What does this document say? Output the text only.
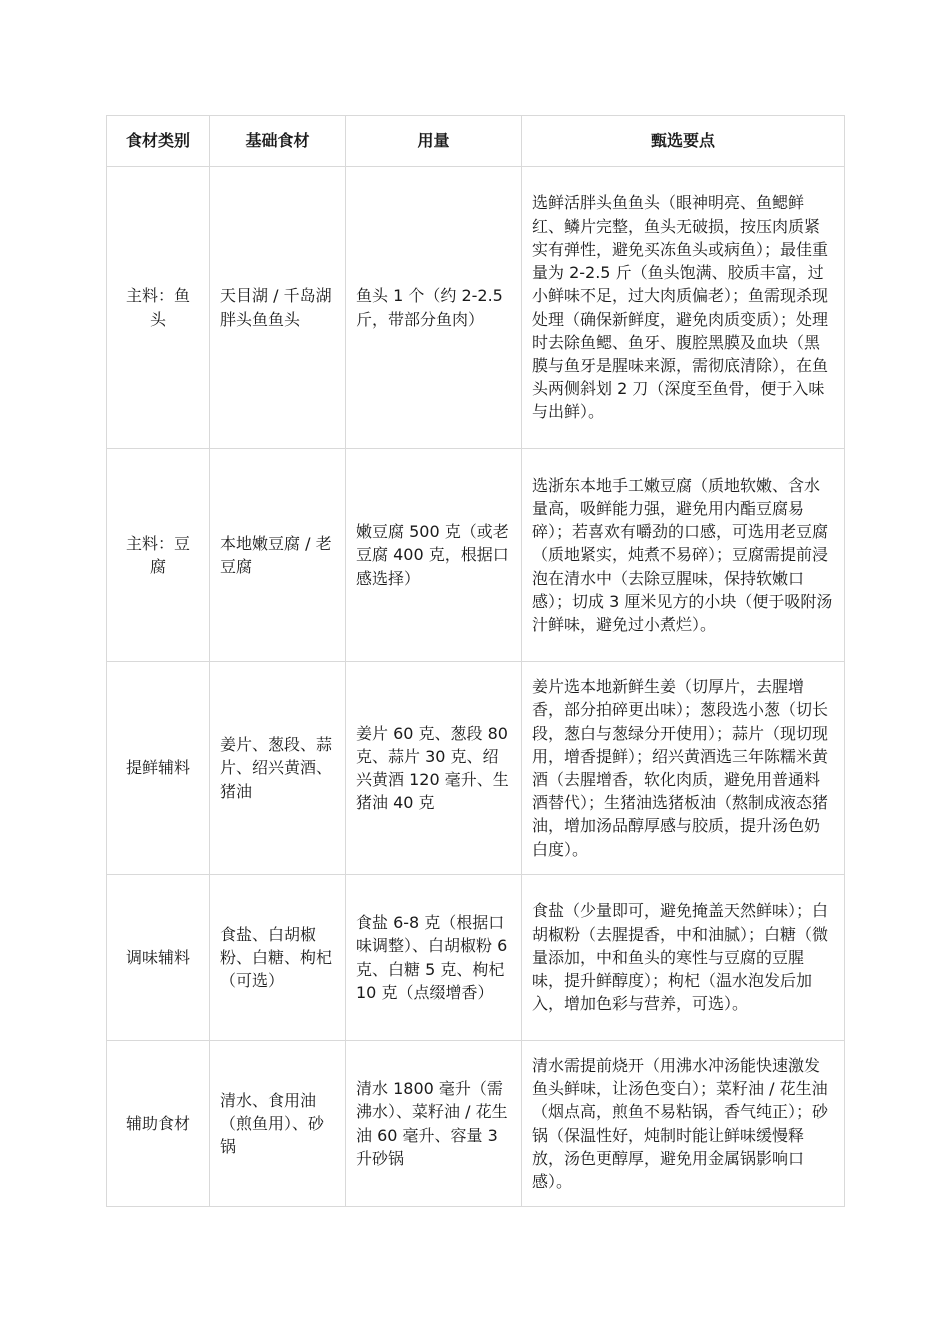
食材类别	基础食材	用量	甄选要点
主料：鱼头	天目湖 / 千岛湖胖头鱼鱼头	鱼头 1 个（约 2-2.5 斤，带部分鱼肉）	选鲜活胖头鱼鱼头（眼神明亮、鱼鳃鲜红、鳞片完整，鱼头无破损，按压肉质紧实有弹性，避免买冻鱼头或病鱼）；最佳重量为 2-2.5 斤（鱼头饱满、胶质丰富，过小鲜味不足，过大肉质偏老）；鱼需现杀现处理（确保新鲜度，避免肉质变质）；处理时去除鱼鳃、鱼牙、腹腔黑膜及血块（黑膜与鱼牙是腥味来源，需彻底清除），在鱼头两侧斜划 2 刀（深度至鱼骨，便于入味与出鲜）。
主料：豆腐	本地嫩豆腐 / 老豆腐	嫩豆腐 500 克（或老豆腐 400 克，根据口感选择）	选浙东本地手工嫩豆腐（质地软嫩、含水量高，吸鲜能力强，避免用内酯豆腐易碎）；若喜欢有嚼劲的口感，可选用老豆腐（质地紧实，炖煮不易碎）；豆腐需提前浸泡在清水中（去除豆腥味，保持软嫩口感）；切成 3 厘米见方的小块（便于吸附汤汁鲜味，避免过小煮烂）。
提鲜辅料	姜片、葱段、蒜片、绍兴黄酒、猪油	姜片 60 克、葱段 80 克、蒜片 30 克、绍兴黄酒 120 毫升、生猪油 40 克	姜片选本地新鲜生姜（切厚片，去腥增香，部分拍碎更出味）；葱段选小葱（切长段，葱白与葱绿分开使用）；蒜片（现切现用，增香提鲜）；绍兴黄酒选三年陈糯米黄酒（去腥增香，软化肉质，避免用普通料酒替代）；生猪油选猪板油（熬制成液态猪油，增加汤品醇厚感与胶质，提升汤色奶白度）。
调味辅料	食盐、白胡椒粉、白糖、枸杞（可选）	食盐 6-8 克（根据口味调整）、白胡椒粉 6 克、白糖 5 克、枸杞 10 克（点缀增香）	食盐（少量即可，避免掩盖天然鲜味）；白胡椒粉（去腥提香，中和油腻）；白糖（微量添加，中和鱼头的寒性与豆腐的豆腥味，提升鲜醇度）；枸杞（温水泡发后加入，增加色彩与营养，可选）。
辅助食材	清水、食用油（煎鱼用）、砂锅	清水 1800 毫升（需沸水）、菜籽油 / 花生油 60 毫升、容量 3 升砂锅	清水需提前烧开（用沸水冲汤能快速激发鱼头鲜味，让汤色变白）；菜籽油 / 花生油（烟点高，煎鱼不易粘锅，香气纯正）；砂锅（保温性好，炖制时能让鲜味缓慢释放，汤色更醇厚，避免用金属锅影响口感）。
